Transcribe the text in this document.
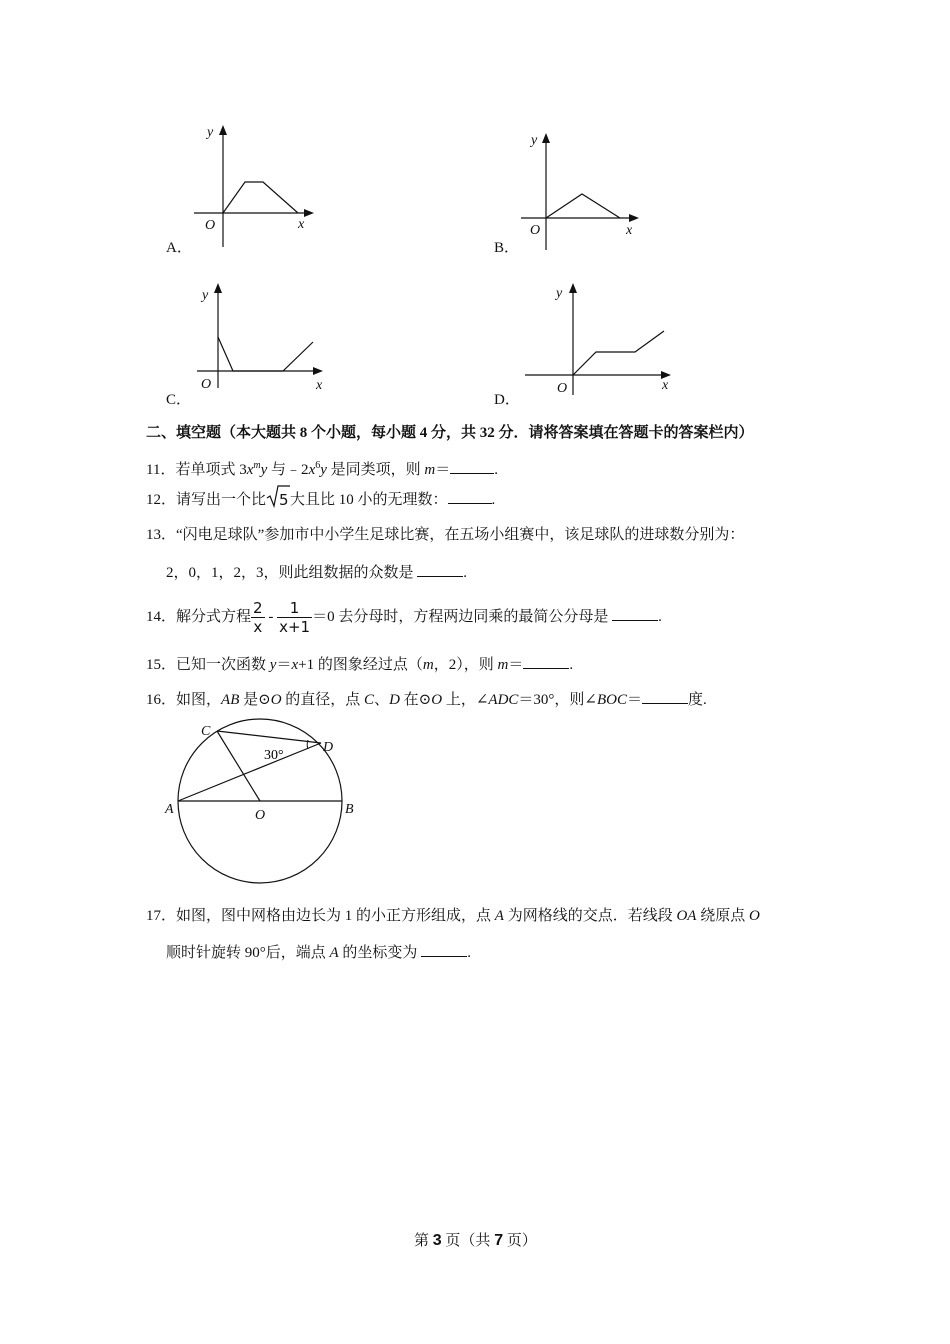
y
x
O
A．
y
x
O
B．
y
x
O
C．
y
x
O
D．
二、填空题（本大题共 8 个小题，每小题 4 分，共 32 分．请将答案填在答题卡的答案栏内）
11．若单项式 $3x^my$ 与$﹣2x^6y$ 是同类项，则 m＝	.
12．请写出一个比 5 大且比 10 小的无理数：	.
13．“闪电足球队”参加市中小学生足球比赛，在五场小组赛中，该足球队的进球数分别为：
2，0，1，2，3，则此组数据的众数是	.
14．解分式方程 $\frac{2}{x} - \frac{1}{x+1} =0$ 去分母时，方程两边同乘的最简公分母是	.
15．已知一次函数 y＝x+1 的图象经过点（m，2），则 m＝	.
16．如图，AB 是⊙O 的直径，点 C、D 在⊙O 上，∠ADC＝30°，则∠BOC＝	度.
C
D
A	B
O
30°
17．如图，图中网格由边长为 1 的小正方形组成，点 A 为网格线的交点．若线段 OA 绕原点 O
顺时针旋转 90°后，端点 A 的坐标变为	.
第 3 页（共 7 页）
